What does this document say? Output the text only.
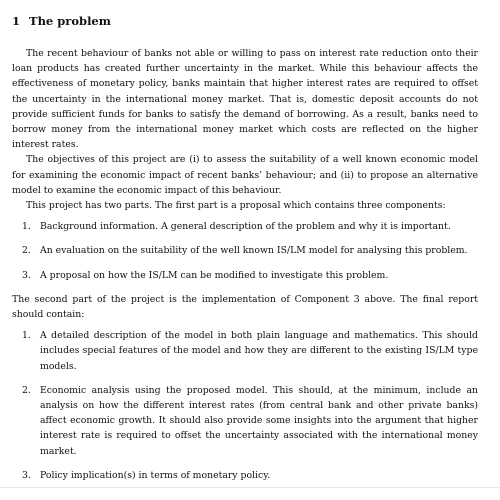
1 The problem

The recent behaviour of banks not able or willing to pass on interest rate reduction onto their loan products has created further uncertainty in the market. While this behaviour affects the effectiveness of monetary policy, banks maintain that higher interest rates are required to offset the uncertainty in the international money market. That is, domestic deposit accounts do not provide sufficient funds for banks to satisfy the demand of borrowing. As a result, banks need to borrow money from the international money market which costs are reflected on the higher interest rates.

The objectives of this project are (i) to assess the suitability of a well known economic model for examining the economic impact of recent banks’ behaviour; and (ii) to propose an alternative model to examine the economic impact of this behaviour.

This project has two parts. The first part is a proposal which contains three components:

1. Background information. A general description of the problem and why it is important.
2. An evaluation on the suitability of the well known IS/LM model for analysing this problem.
3. A proposal on how the IS/LM can be modified to investigate this problem.

The second part of the project is the implementation of Component 3 above. The final report should contain:

1. A detailed description of the model in both plain language and mathematics. This should includes special features of the model and how they are different to the existing IS/LM type models.
2. Economic analysis using the proposed model. This should, at the minimum, include an analysis on how the different interest rates (from central bank and other private banks) affect economic growth. It should also provide some insights into the argument that higher interest rate is required to offset the uncertainty associated with the international money market.
3. Policy implication(s) in terms of monetary policy.
